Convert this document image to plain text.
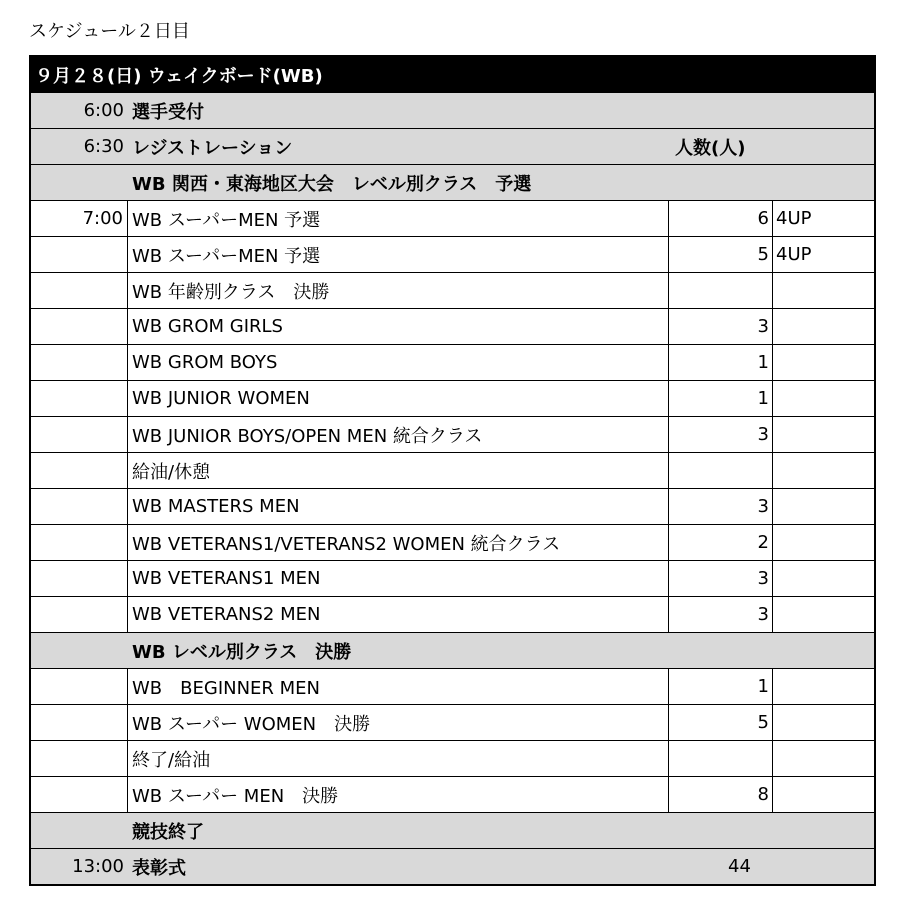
スケジュール２日目
９月２８(日) ウェイクボード(WB)
6:00 選手受付
6:30 レジストレーション	人数(人)
WB 関西・東海地区大会　レベル別クラス　予選
7:00 WB スーパーMEN 予選	6 4UP
WB スーパーMEN 予選	5 4UP
WB 年齢別クラス　決勝
WB GROM GIRLS	3
WB GROM BOYS	1
WB JUNIOR WOMEN	1
WB JUNIOR BOYS/OPEN MEN 統合クラス	3
給油/休憩
WB MASTERS MEN	3
WB VETERANS1/VETERANS2 WOMEN 統合クラス	2
WB VETERANS1 MEN	3
WB VETERANS2 MEN	3
WB レベル別クラス　決勝
WB　BEGINNER MEN	1
WB スーパー WOMEN　決勝	5
終了/給油
WB スーパー MEN　決勝	8
競技終了
13:00 表彰式	44
